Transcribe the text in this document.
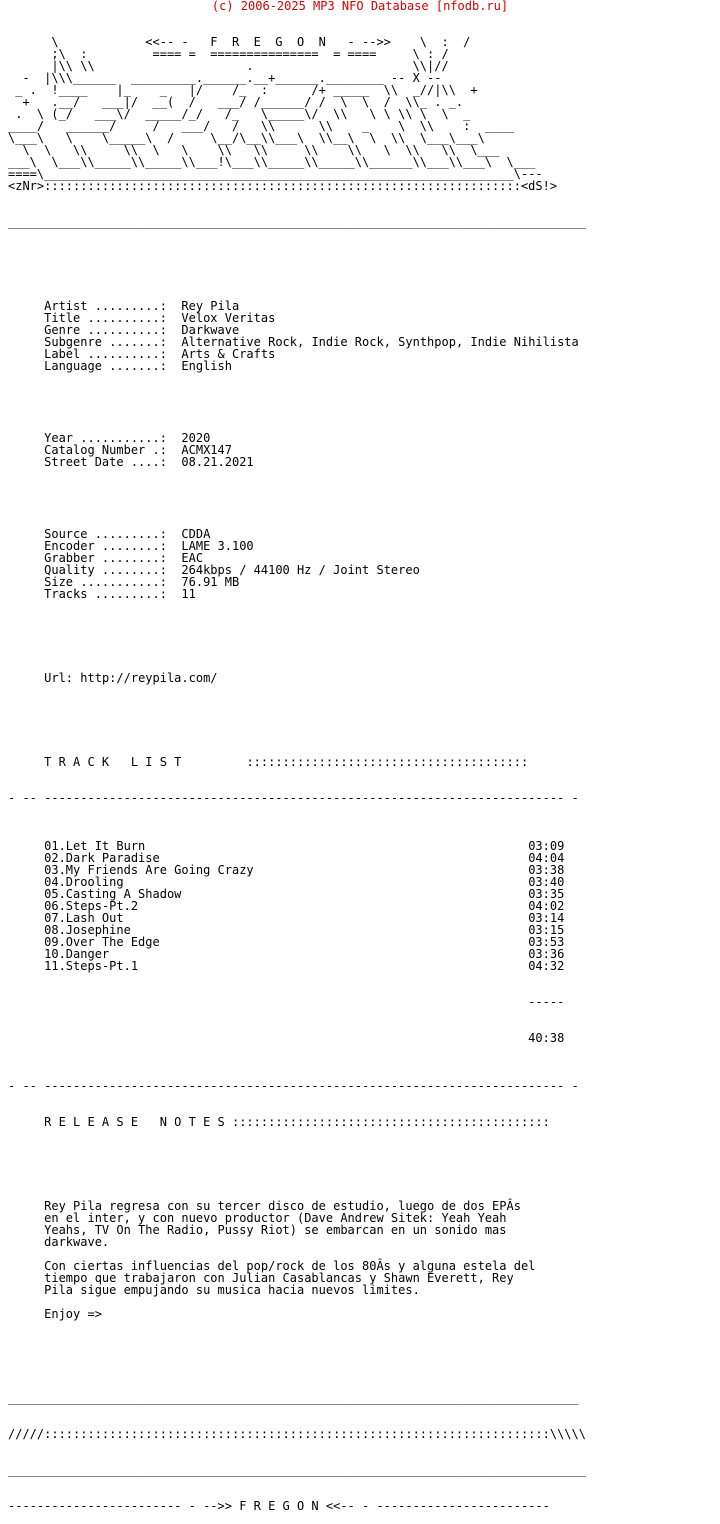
(c) 2006-2025 MP3 NFO Database [nfodb.ru]

\            <<-- -   F  R  E  G  O  N   - -->>    \  :  /
;\  :         ==== =  ===============  = ====     \ : /
|\\ \\                     .                      \\|//
-  |\\\______  _________.______.__+______.________ -- X --
_ .  !____    |_    _   |/    /_  :      /+ _____  \\  _//|\\  +
+   .__/   ___|/  __(  /   ___/ /______/ /  \  \  /  \\_ . _.
.  \ (_/   ___\/  _____/_/   /_   \_____\/  \\   \ \ \\ \  \  _
____/   ______/     /   ___/   /   \\      \\    _    \  \\    :  ____
\___\   \    \_____\  /     \__/\__\\___\  \\__\  \  \\  \___\___\
\  \   \\     \\  \   \    \\   \\     \\    \\   \  \\   \\  \___
___\  \___\\_____\\_____\\___!\___\\_____\\_____\\______\\___\\___\  \___
====\_________________________________________________________________\---
<zNr>::::::::::::::::::::::::::::::::::::::::::::::::::::::::::::::::::<dS!>

________________________________________________________________________________

Artist .........: Rey Pila
Title ..........: Velox Veritas
Genre ..........: Darkwave
Subgenre .......: Alternative Rock, Indie Rock, Synthpop, Indie Nihilista
Label ..........: Arts & Crafts
Language .......: English

Year ...........: 2020
Catalog Number .: ACMX147
Street Date ....: 08.21.2021

Source .........: CDDA
Encoder ........: LAME 3.100
Grabber ........: EAC
Quality ........: 264kbps / 44100 Hz / Joint Stereo
Size ...........: 76.91 MB
Tracks .........: 11

Url: http://reypila.com/

T R A C K   L I S T	:::::::::::::::::::::::::::::::::::::::

- -- ------------------------------------------------------------------------ -

01.Let It Burn	03:09
02.Dark Paradise	04:04
03.My Friends Are Going Crazy	03:38
04.Drooling	03:40
05.Casting A Shadow	03:35
06.Steps-Pt.2	04:02
07.Lash Out	03:14
08.Josephine	03:15
09.Over The Edge	03:53
10.Danger	03:36
11.Steps-Pt.1	04:32

-----

40:38

- -- ------------------------------------------------------------------------ -

R E L E A S E   N O T E S ::::::::::::::::::::::::::::::::::::::::::::

Rey Pila regresa con su tercer disco de estudio, luego de dos EPÂs
en el inter, y con nuevo productor (Dave Andrew Sitek: Yeah Yeah
Yeahs, TV On The Radio, Pussy Riot) se embarcan en un sonido mas
darkwave.

Con ciertas influencias del pop/rock de los 80Âs y alguna estela del
tiempo que trabajaron con Julian Casablancas y Shawn Everett, Rey
Pila sigue empujando su musica hacia nuevos limites.

Enjoy =>

_______________________________________________________________________________

/////::::::::::::::::::::::::::::::::::::::::::::::::::::::::::::::::::::::\\\\\

________________________________________________________________________________

------------------------ - -->> F R E G O N <<-- - ------------------------
